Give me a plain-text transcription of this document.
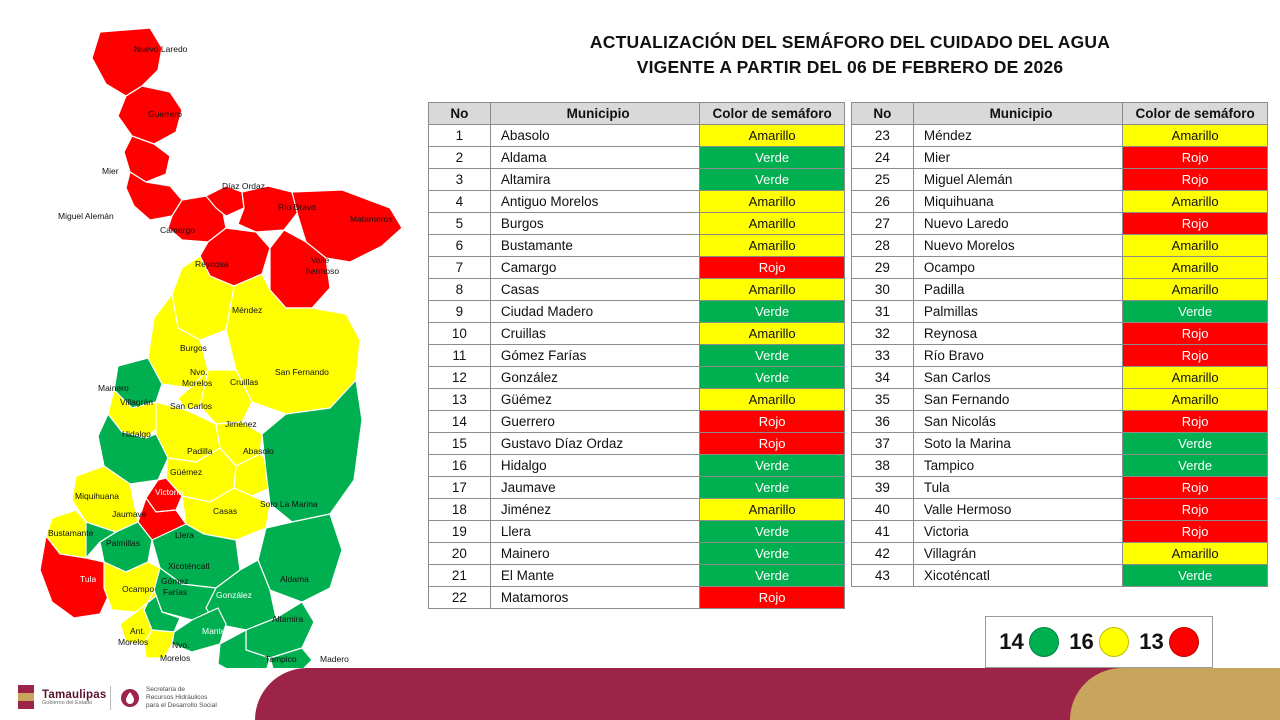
ACTUALIZACIÓN DEL SEMÁFORO DEL CUIDADO DEL AGUA
VIGENTE A PARTIR DEL 06 DE FEBRERO DE 2026
Nuevo Laredo
Guerrero
Mier
Díaz Ordaz
Miguel Alemán
Río Bravo
Matamoros
Camargo
Reynosa	Valle
hermoso
Méndez
Burgos
San Fernando
Cruillas
Nvo.
Morelos
Mainero
Villagrán San Carlos
Jiménez
Hidalgo
Padilla	Abasolo
Güémez
Victoria
Miquihuana
Casas
Soto La Marina
Jaumave
Bustamante
Palmillas
Llera
Xicoténcatl
Gómez
Farías
Aldama
Tula
Ocampo
González
Altamira
Mante
Ant.
Morelos	Nvo.
Morelos	Tampico	Madero
No	Municipio	Color de semáforo
1	Abasolo	Amarillo
2	Aldama	Verde
3	Altamira	Verde
4	Antiguo Morelos	Amarillo
5	Burgos	Amarillo
6	Bustamante	Amarillo
7	Camargo	Rojo
8	Casas	Amarillo
9	Ciudad Madero	Verde
10	Cruillas	Amarillo
11	Gómez Farías	Verde
12	González	Verde
13	Güémez	Amarillo
14	Guerrero	Rojo
15	Gustavo Díaz Ordaz	Rojo
16	Hidalgo	Verde
17	Jaumave	Verde
18	Jiménez	Amarillo
19	Llera	Verde
20	Mainero	Verde
21	El Mante	Verde
22	Matamoros	Rojo
No	Municipio	Color de semáforo
23	Méndez	Amarillo
24	Mier	Rojo
25	Miguel Alemán	Rojo
26	Miquihuana	Amarillo
27	Nuevo Laredo	Rojo
28	Nuevo Morelos	Amarillo
29	Ocampo	Amarillo
30	Padilla	Amarillo
31	Palmillas	Verde
32	Reynosa	Rojo
33	Río Bravo	Rojo
34	San Carlos	Amarillo
35	San Fernando	Amarillo
36	San Nicolás	Rojo
37	Soto la Marina	Verde
38	Tampico	Verde
39	Tula	Rojo
40	Valle Hermoso	Rojo
41	Victoria	Rojo
42	Villagrán	Amarillo
43	Xicoténcatl	Verde
14 16 13
Tamaulipas
Gobierno del Estado
Secretaría de
Recursos Hidráulicos
para el Desarrollo Social
